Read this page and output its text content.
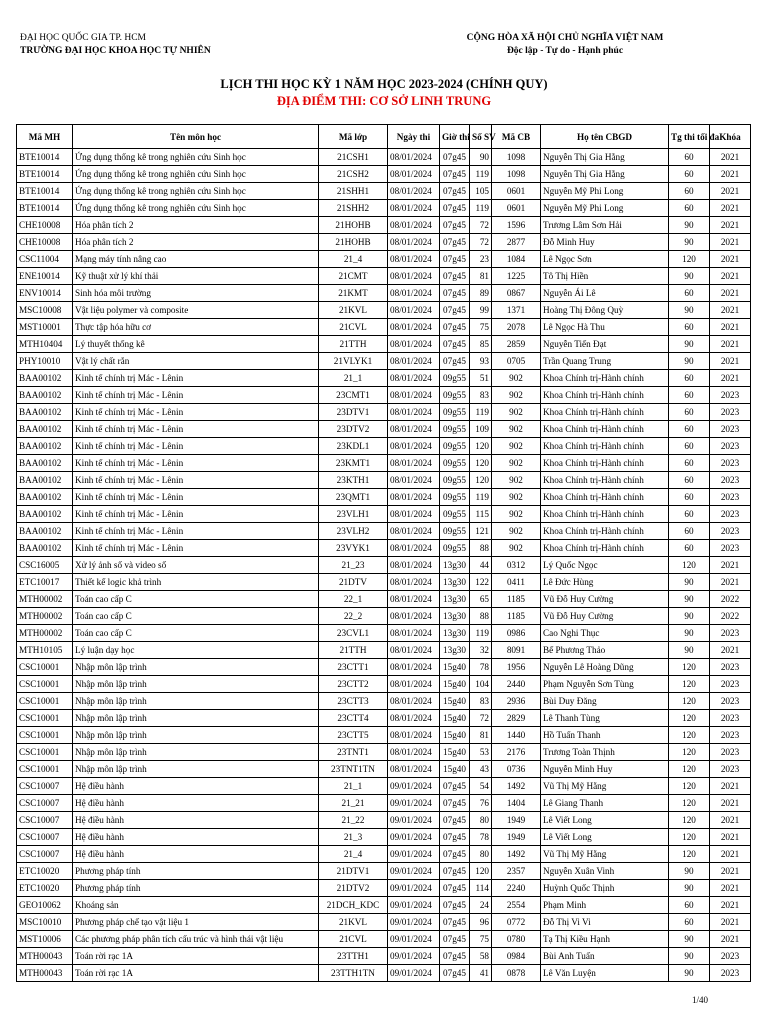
ĐẠI HỌC QUỐC GIA TP. HCM
TRƯỜNG ĐẠI HỌC KHOA HỌC TỰ NHIÊN
CỘNG HÒA XÃ HỘI CHỦ NGHĨA VIỆT NAM
Độc lập - Tự do - Hạnh phúc
LỊCH THI HỌC KỲ 1 NĂM HỌC 2023-2024 (CHÍNH QUY)
ĐỊA ĐIỂM THI: CƠ SỞ LINH TRUNG
Mã MH	Tên môn học	Mã lớp	Ngày thi	Giờ thi	Số SV	Mã CB	Họ tên CBGD	Tg thi tối đa	Khóa
BTE10014	Ứng dụng thống kê trong nghiên cứu Sinh học	21CSH1	08/01/2024	07g45	90	1098	Nguyễn Thị Gia Hằng	60	2021
BTE10014	Ứng dụng thống kê trong nghiên cứu Sinh học	21CSH2	08/01/2024	07g45	119	1098	Nguyễn Thị Gia Hằng	60	2021
BTE10014	Ứng dụng thống kê trong nghiên cứu Sinh học	21SHH1	08/01/2024	07g45	105	0601	Nguyễn Mỹ Phi Long	60	2021
BTE10014	Ứng dụng thống kê trong nghiên cứu Sinh học	21SHH2	08/01/2024	07g45	119	0601	Nguyễn Mỹ Phi Long	60	2021
CHE10008	Hóa phân tích 2	21HOHB	08/01/2024	07g45	72	1596	Trương Lâm Sơn Hải	90	2021
CHE10008	Hóa phân tích 2	21HOHB	08/01/2024	07g45	72	2877	Đỗ Minh Huy	90	2021
CSC11004	Mạng máy tính nâng cao	21_4	08/01/2024	07g45	23	1084	Lê Ngọc Sơn	120	2021
ENE10014	Kỹ thuật xử lý khí thải	21CMT	08/01/2024	07g45	81	1225	Tô Thị Hiền	90	2021
ENV10014	Sinh hóa môi trường	21KMT	08/01/2024	07g45	89	0867	Nguyễn Ái Lê	60	2021
MSC10008	Vật liệu polymer và composite	21KVL	08/01/2024	07g45	99	1371	Hoàng Thị Đông Quỳ	90	2021
MST10001	Thực tập hóa hữu cơ	21CVL	08/01/2024	07g45	75	2078	Lê Ngọc Hà Thu	60	2021
MTH10404	Lý thuyết thống kê	21TTH	08/01/2024	07g45	85	2859	Nguyễn Tiến Đạt	90	2021
PHY10010	Vật lý chất rắn	21VLYK1	08/01/2024	07g45	93	0705	Trần Quang Trung	90	2021
BAA00102	Kinh tế chính trị Mác - Lênin	21_1	08/01/2024	09g55	51	902	Khoa Chính trị-Hành chính	60	2021
BAA00102	Kinh tế chính trị Mác - Lênin	23CMT1	08/01/2024	09g55	83	902	Khoa Chính trị-Hành chính	60	2023
BAA00102	Kinh tế chính trị Mác - Lênin	23DTV1	08/01/2024	09g55	119	902	Khoa Chính trị-Hành chính	60	2023
BAA00102	Kinh tế chính trị Mác - Lênin	23DTV2	08/01/2024	09g55	109	902	Khoa Chính trị-Hành chính	60	2023
BAA00102	Kinh tế chính trị Mác - Lênin	23KDL1	08/01/2024	09g55	120	902	Khoa Chính trị-Hành chính	60	2023
BAA00102	Kinh tế chính trị Mác - Lênin	23KMT1	08/01/2024	09g55	120	902	Khoa Chính trị-Hành chính	60	2023
BAA00102	Kinh tế chính trị Mác - Lênin	23KTH1	08/01/2024	09g55	120	902	Khoa Chính trị-Hành chính	60	2023
BAA00102	Kinh tế chính trị Mác - Lênin	23QMT1	08/01/2024	09g55	119	902	Khoa Chính trị-Hành chính	60	2023
BAA00102	Kinh tế chính trị Mác - Lênin	23VLH1	08/01/2024	09g55	115	902	Khoa Chính trị-Hành chính	60	2023
BAA00102	Kinh tế chính trị Mác - Lênin	23VLH2	08/01/2024	09g55	121	902	Khoa Chính trị-Hành chính	60	2023
BAA00102	Kinh tế chính trị Mác - Lênin	23VYK1	08/01/2024	09g55	88	902	Khoa Chính trị-Hành chính	60	2023
CSC16005	Xử lý ảnh số và video số	21_23	08/01/2024	13g30	44	0312	Lý Quốc Ngọc	120	2021
ETC10017	Thiết kế logic khả trình	21DTV	08/01/2024	13g30	122	0411	Lê Đức Hùng	90	2021
MTH00002	Toán cao cấp C	22_1	08/01/2024	13g30	65	1185	Vũ Đỗ Huy Cường	90	2022
MTH00002	Toán cao cấp C	22_2	08/01/2024	13g30	88	1185	Vũ Đỗ Huy Cường	90	2022
MTH00002	Toán cao cấp C	23CVL1	08/01/2024	13g30	119	0986	Cao Nghi Thục	90	2023
MTH10105	Lý luận dạy học	21TTH	08/01/2024	13g30	32	8091	Bế Phương Thảo	90	2021
CSC10001	Nhập môn lập trình	23CTT1	08/01/2024	15g40	78	1956	Nguyễn Lê Hoàng Dũng	120	2023
CSC10001	Nhập môn lập trình	23CTT2	08/01/2024	15g40	104	2440	Phạm Nguyễn Sơn Tùng	120	2023
CSC10001	Nhập môn lập trình	23CTT3	08/01/2024	15g40	83	2936	Bùi Duy Đăng	120	2023
CSC10001	Nhập môn lập trình	23CTT4	08/01/2024	15g40	72	2829	Lê Thanh Tùng	120	2023
CSC10001	Nhập môn lập trình	23CTT5	08/01/2024	15g40	81	1440	Hồ Tuấn Thanh	120	2023
CSC10001	Nhập môn lập trình	23TNT1	08/01/2024	15g40	53	2176	Trương Toàn Thịnh	120	2023
CSC10001	Nhập môn lập trình	23TNT1TN	08/01/2024	15g40	43	0736	Nguyễn Minh Huy	120	2023
CSC10007	Hệ điều hành	21_1	09/01/2024	07g45	54	1492	Vũ Thị Mỹ Hằng	120	2021
CSC10007	Hệ điều hành	21_21	09/01/2024	07g45	76	1404	Lê Giang Thanh	120	2021
CSC10007	Hệ điều hành	21_22	09/01/2024	07g45	80	1949	Lê Viết Long	120	2021
CSC10007	Hệ điều hành	21_3	09/01/2024	07g45	78	1949	Lê Viết Long	120	2021
CSC10007	Hệ điều hành	21_4	09/01/2024	07g45	80	1492	Vũ Thị Mỹ Hằng	120	2021
ETC10020	Phương pháp tính	21DTV1	09/01/2024	07g45	120	2357	Nguyễn Xuân Vinh	90	2021
ETC10020	Phương pháp tính	21DTV2	09/01/2024	07g45	114	2240	Huỳnh Quốc Thịnh	90	2021
GEO10062	Khoáng sản	21DCH_KDC	09/01/2024	07g45	24	2554	Phạm Minh	60	2021
MSC10010	Phương pháp chế tạo vật liệu 1	21KVL	09/01/2024	07g45	96	0772	Đỗ Thị Vi Vi	60	2021
MST10006	Các phương pháp phân tích cấu trúc và hình thái vật liệu	21CVL	09/01/2024	07g45	75	0780	Tạ Thị Kiều Hạnh	90	2021
MTH00043	Toán rời rạc 1A	23TTH1	09/01/2024	07g45	58	0984	Bùi Anh Tuấn	90	2023
MTH00043	Toán rời rạc 1A	23TTH1TN	09/01/2024	07g45	41	0878	Lê Văn Luyện	90	2023
1/40
